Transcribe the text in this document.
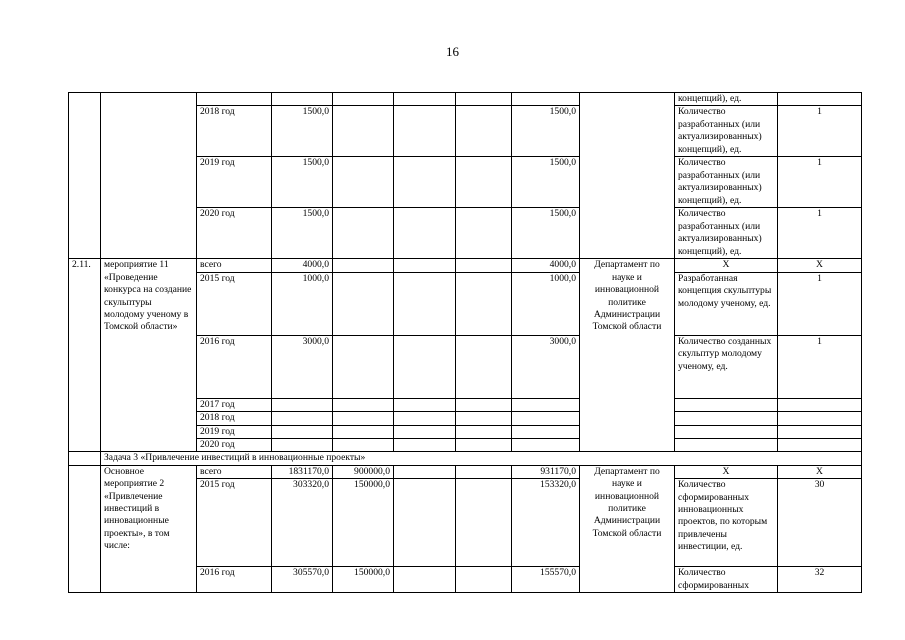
16
									концепций), ед.	
		2018 год	1500,0				1500,0		Количество разработанных (или актуализированных) концепций), ед.	1
		2019 год	1500,0				1500,0		Количество разработанных (или актуализированных) концепций), ед.	1
		2020 год	1500,0				1500,0		Количество разработанных (или актуализированных) концепций), ед.	1
2.11.	мероприятие 11 «Проведение конкурса на создание скульптуры молодому ученому в Томской области»	всего	4000,0				4000,0	Департамент по науке и инновационной политике Администрации Томской области	Х	Х
		2015 год	1000,0				1000,0		Разработанная концепция скульптуры молодому ученому, ед.	1
		2016 год	3000,0				3000,0		Количество созданных скульптур молодому ученому, ед.	1
		2017 год								
		2018 год								
		2019 год								
		2020 год								
	Задача 3 «Привлечение инвестиций в инновационные проекты»									
	Основное мероприятие 2 «Привлечение инвестиций в инновационные проекты», в том числе:	всего	1831170,0	900000,0			931170,0	Департамент по науке и инновационной политике Администрации Томской области	Х	Х
		2015 год	303320,0	150000,0			153320,0		Количество сформированных инновационных проектов, по которым привлечены инвестиции, ед.	30
		2016 год	305570,0	150000,0			155570,0		Количество сформированных	32
